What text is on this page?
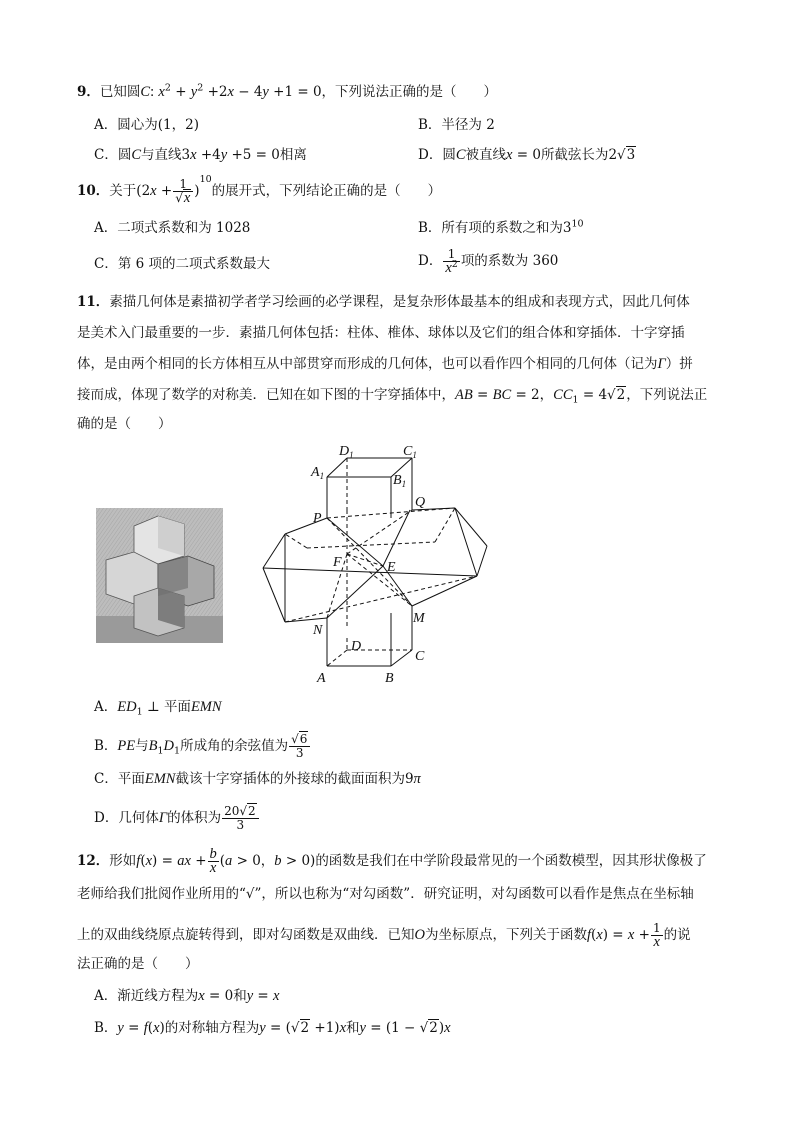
9．已知圆C: $x^2 + y^2 +2x - 4y +1 = 0$，下列说法正确的是（　　）
A．圆心为(1，2)	B．半径为 2
C．圆C与直线3x +4y +5 = 0相离	D．圆C被直线x = 0所截弦长为2√3
10．关于$(2x + \frac{1}{√x} )^{10}$的展开式，下列结论正确的是（　　）
A．二项式系数和为 1028	B．所有项的系数之和为$3^{10}$
C．第 6 项的二项式系数最大	D． $\frac{1}{x^2}$ 项的系数为 360
11．素描几何体是素描初学者学习绘画的必学课程，是复杂形体最基本的组成和表现方式，因此几何体
是美术入门最重要的一步．素描几何体包括：柱体、椎体、球体以及它们的组合体和穿插体．十字穿插
体，是由两个相同的长方体相互从中部贯穿而形成的几何体，也可以看作四个相同的几何体（记为Γ）拼
接而成，体现了数学的对称美．已知在如下图的十字穿插体中，AB = BC = 2，$CC_1 = 4√2$，下列说法正
确的是（　　）
$D_1$	$C_1$
$A_1$	$B_1$
P
Q
F	E
N
M
D
C
A	B
A．$ED_1$ ⊥ 平面EMN
B．PE与$B_1D_1$所成角的余弦值为 $\frac{√6}{3}$
C．平面EMN截该十字穿插体的外接球的截面面积为9π
D．几何体Γ的体积为 $\frac{20√2}{3}$
12．形如f(x) = ax + $\frac{b}{x} (a > 0$，b > 0)的函数是我们在中学阶段最常见的一个函数模型，因其形状像极了
老师给我们批阅作业所用的“√”，所以也称为“对勾函数”．研究证明，对勾函数可以看作是焦点在坐标轴
上的双曲线绕原点旋转得到，即对勾函数是双曲线．已知O为坐标原点，下列关于函数$f(x) = x + \frac{1}{x}$ 的说
法正确的是（　　）
A．渐近线方程为x = 0和y = x
B．y = f(x)的对称轴方程为y = (√2 +1)x和y = (1 − √2)x
